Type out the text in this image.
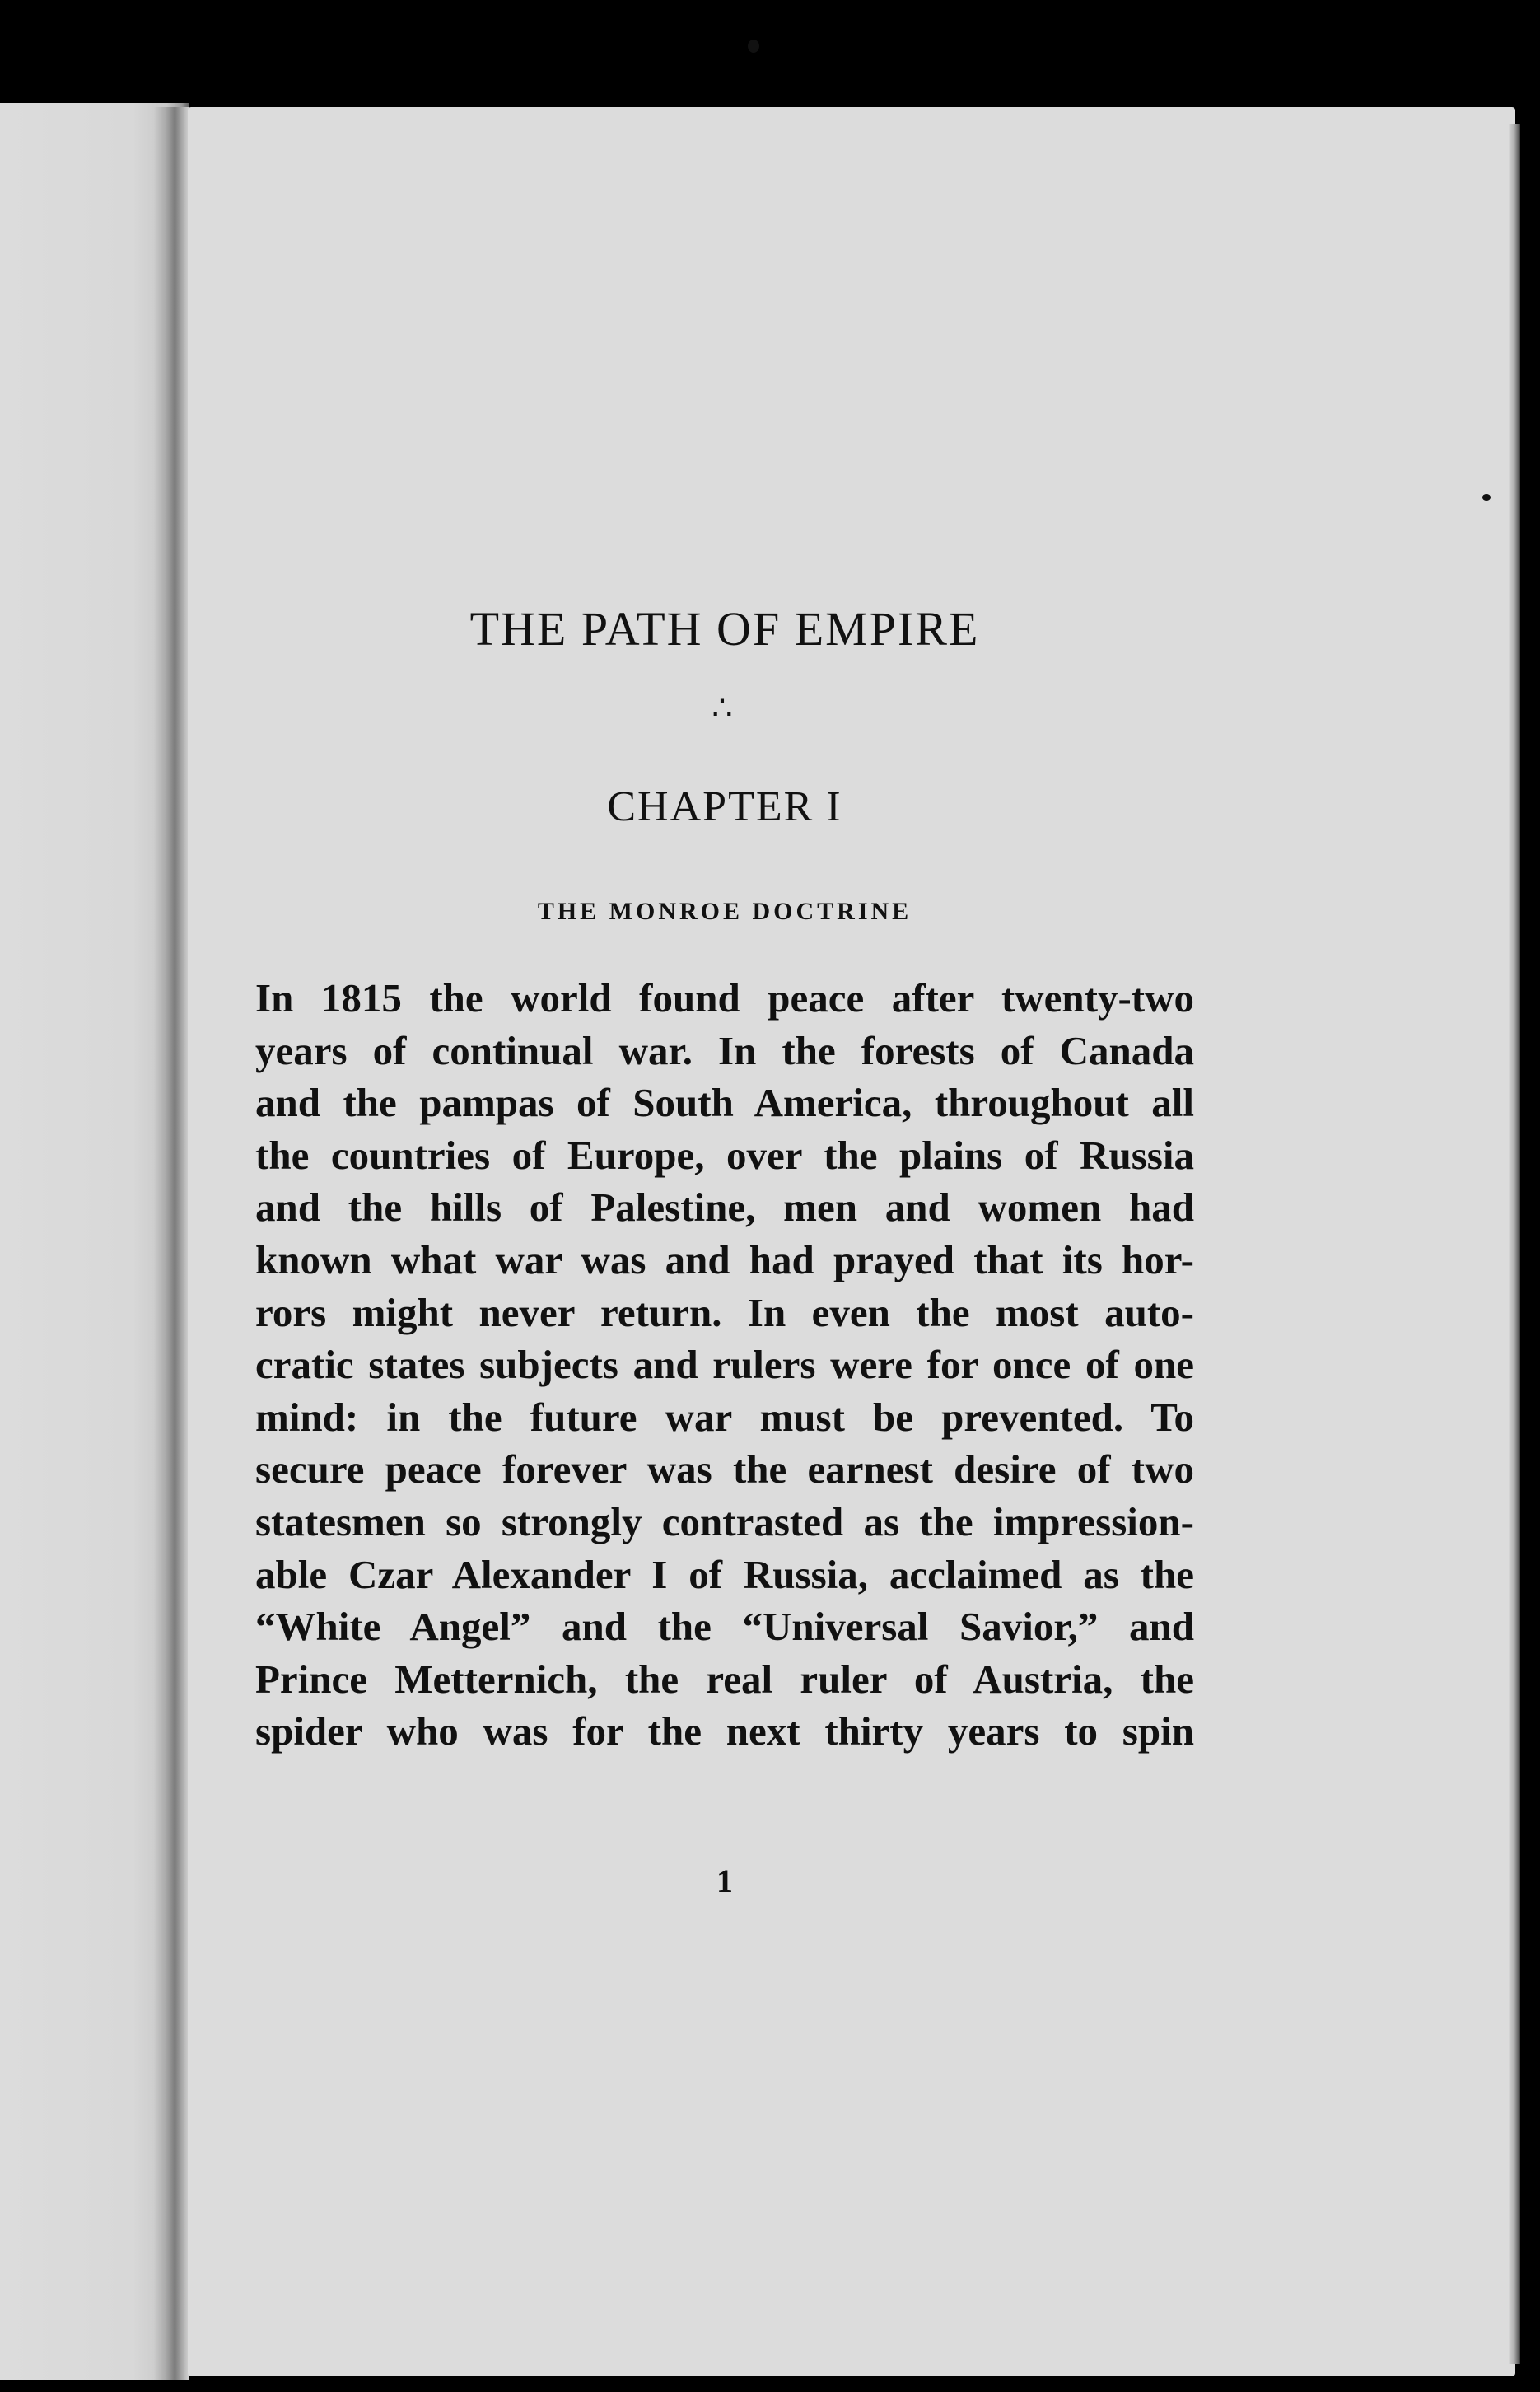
THE PATH OF EMPIRE
∴
CHAPTER I
THE MONROE DOCTRINE
In 1815 the world found peace after twenty-two
years of continual war. In the forests of Canada
and the pampas of South America, throughout all
the countries of Europe, over the plains of Russia
and the hills of Palestine, men and women had
known what war was and had prayed that its hor-
rors might never return. In even the most auto-
cratic states subjects and rulers were for once of one
mind: in the future war must be prevented. To
secure peace forever was the earnest desire of two
statesmen so strongly contrasted as the impression-
able Czar Alexander I of Russia, acclaimed as the
“White Angel” and the “Universal Savior,” and
Prince Metternich, the real ruler of Austria, the
spider who was for the next thirty years to spin
1
